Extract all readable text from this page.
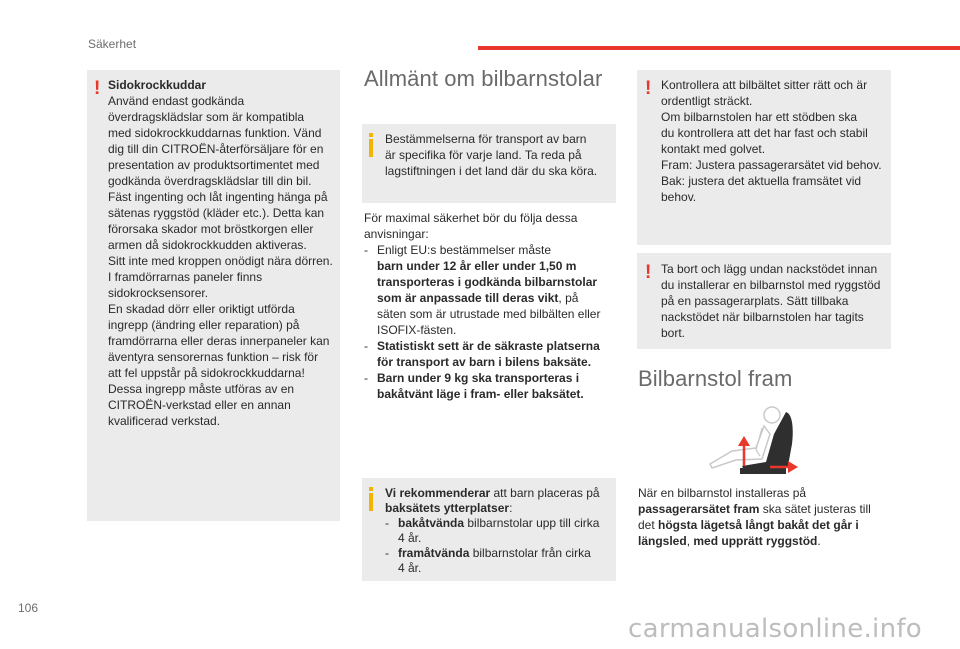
Säkerhet
! Sidokrockkuddar

Använd endast godkända

överdragsklädslar som är kompatibla

med sidokrockkuddarnas funktion. Vänd

dig till din CITROËN-återförsäljare för en

presentation av produktsortimentet med

godkända överdragsklädslar till din bil.

Fäst ingenting och låt ingenting hänga på

sätenas ryggstöd (kläder etc.). Detta kan

förorsaka skador mot bröstkorgen eller

armen då sidokrockkudden aktiveras.

Sitt inte med kroppen onödigt nära dörren.

I framdörrarnas paneler finns

sidokrocksensorer.

En skadad dörr eller oriktigt utförda

ingrepp (ändring eller reparation) på

framdörrarna eller deras innerpaneler kan

äventyra sensorernas funktion – risk för

att fel uppstår på sidokrockkuddarna!

Dessa ingrepp måste utföras av en

CITROËN-verkstad eller en annan

kvalificerad verkstad.

Allmänt om bilbarnstolar

Bestämmelserna för transport av barn

är specifika för varje land. Ta reda på

lagstiftningen i det land där du ska köra.

För maximal säkerhet bör du följa dessa

anvisningar:

- Enligt EU:s bestämmelser måste

barn under 12 år eller under 1,50 m

transporteras i godkända bilbarnstolar

som är anpassade till deras vikt, på

säten som är utrustade med bilbälten eller

ISOFIX-fästen.

- Statistiskt sett är de säkraste platserna

för transport av barn i bilens baksäte.

- Barn under 9 kg ska transporteras i

bakåtvänt läge i fram- eller baksätet.

Vi rekommenderar att barn placeras på

baksätets ytterplatser:

- bakåtvända bilbarnstolar upp till cirka

4 år.

- framåtvända bilbarnstolar från cirka

4 år.

! Kontrollera att bilbältet sitter rätt och är

ordentligt sträckt.

Om bilbarnstolen har ett stödben ska

du kontrollera att det har fast och stabil

kontakt med golvet.

Fram: Justera passagerarsätet vid behov.

Bak: justera det aktuella framsätet vid

behov.

! Ta bort och lägg undan nackstödet innan

du installerar en bilbarnstol med ryggstöd

på en passagerarplats. Sätt tillbaka

nackstödet när bilbarnstolen har tagits

bort.

Bilbarnstol fram

När en bilbarnstol installeras på

passagerarsätet fram ska sätet justeras till

det högsta lägetså långt bakåt det går i

längsled, med upprätt ryggstöd.

106
carmanualsonline.info
